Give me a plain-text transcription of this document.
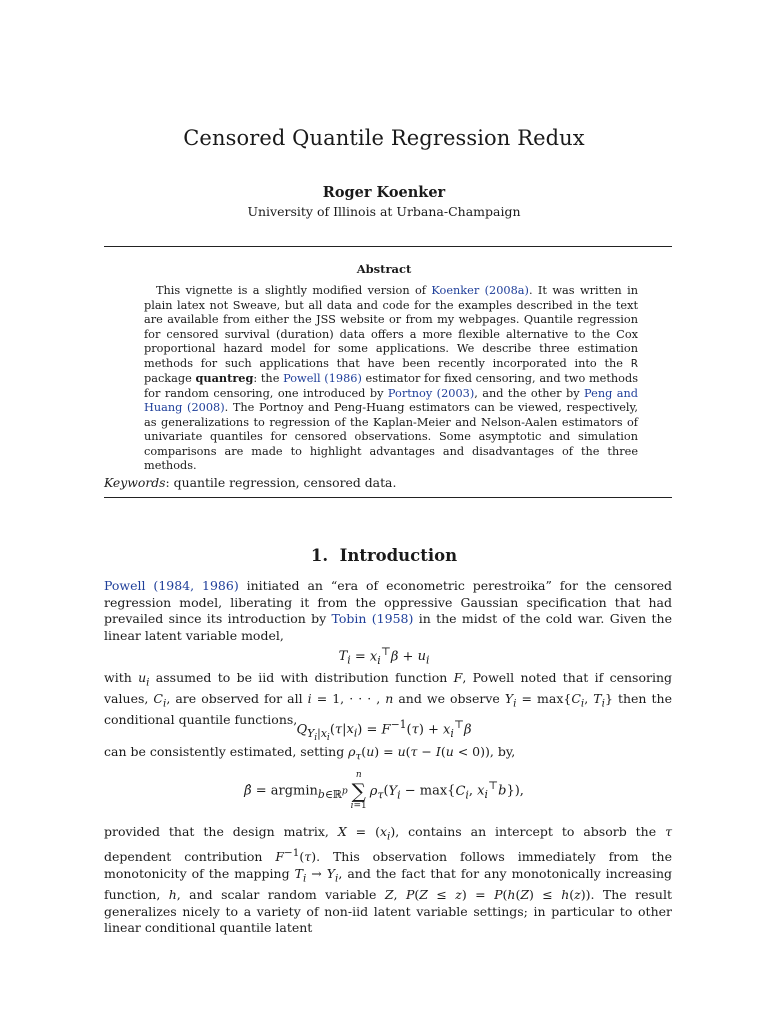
Censored Quantile Regression Redux
Roger Koenker
University of Illinois at Urbana-Champaign
Abstract
This vignette is a slightly modified version of Koenker (2008a). It was written in plain latex not Sweave, but all data and code for the examples described in the text are available from either the JSS website or from my webpages. Quantile regression for censored survival (duration) data offers a more flexible alternative to the Cox proportional hazard model for some applications. We describe three estimation methods for such applications that have been recently incorporated into the R package quantreg: the Powell (1986) estimator for fixed censoring, and two methods for random censoring, one introduced by Portnoy (2003), and the other by Peng and Huang (2008). The Portnoy and Peng-Huang estimators can be viewed, respectively, as generalizations to regression of the Kaplan-Meier and Nelson-Aalen estimators of univariate quantiles for censored observations. Some asymptotic and simulation comparisons are made to highlight advantages and disadvantages of the three methods.
Keywords: quantile regression, censored data.
1. Introduction
Powell (1984, 1986) initiated an “era of econometric perestroika” for the censored regression model, liberating it from the oppressive Gaussian specification that had prevailed since its introduction by Tobin (1958) in the midst of the cold war. Given the linear latent variable model,
$T_i = x_i^⊤\beta + u_i$
with $u_i$ assumed to be iid with distribution function F, Powell noted that if censoring values, $C_i$, are observed for all i = 1, · · · , n and we observe $Y_i = \max\{C_i$, $T_i$} then the conditional quantile functions,
$Q_{Y_i|x_i}(\tau|x_i) = F^{-1}(\tau) + x_i^⊤\beta$
can be consistently estimated, setting $\rho_\tau(u) = u(\tau - I(u < 0))$, by,
β̂ = argmin$_{b\in ℝ^p}$
n
∑
i=1
$\rho_\tau(Y_i - \max\{C_i$, $x_i^⊤b$}),
provided that the design matrix, $X = (x_i)$, contains an intercept to absorb the τ dependent contribution $F^{-1}(\tau)$. This observation follows immediately from the monotonicity of the mapping $T_i \to Y_i$, and the fact that for any monotonically increasing function, h, and scalar random variable Z, P(Z ≤ z) = P(h(Z) ≤ h(z)). The result generalizes nicely to a variety of non-iid latent variable settings; in particular to other linear conditional quantile latent
